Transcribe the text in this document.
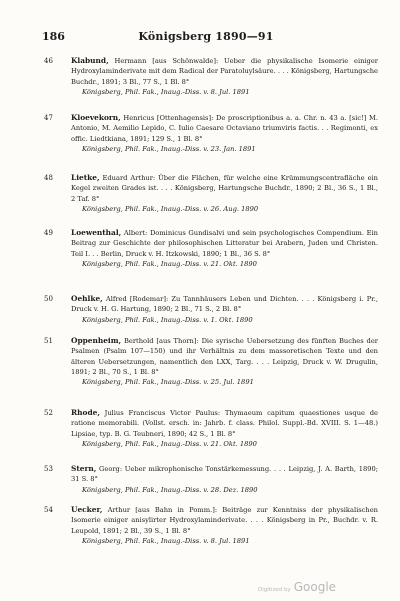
186	Königsberg 1890—91
46 Klabund, Hermann [aus Schönwalde]: Ueber die physikalische Isomerie einiger Hydroxylaminderivate mit dem Radical der Paratoluylsäure. . . . Königsberg, Hartungsche Buchdr., 1891; 3 Bl., 77 S., 1 Bl. 8°
Königsberg, Phil. Fak., Inaug.-Diss. v. 8. Jul. 1891
47 Kloevekorn, Henricus [Ottenhagensis]: De proscriptionibus a. a. Chr. n. 43 a. [sic!] M. Antonio, M. Aemilio Lepido, C. Iulio Caesare Octaviano triumviris factis. . . Regimonti, ex offic. Liedtkiana, 1891; 129 S., 1 Bl. 8°
Königsberg, Phil. Fak., Inaug.-Diss. v. 23. Jan. 1891
48 Lietke, Eduard Arthur: Über die Flächen, für welche eine Krümmungscentrafläche ein Kegel zweiten Grades ist. . . . Königsberg, Hartungsche Buchdr., 1890; 2 Bl., 36 S., 1 Bl., 2 Taf. 8°
Königsberg, Phil. Fak., Inaug.-Diss. v. 26. Aug. 1890
49 Loewenthal, Albert: Dominicus Gundisalvi und sein psychologisches Compendium. Ein Beitrag zur Geschichte der philosophischen Litteratur bei Arabern, Juden und Christen. Teil I. . . Berlin, Druck v. H. Itzkowski, 1890; 1 Bl., 36 S. 8°
Königsberg, Phil. Fak., Inaug.-Diss. v. 21. Okt. 1890
50 Oehlke, Alfred [Rodemar]: Zu Tannhäusers Leben und Dichten. . . . Königsberg i. Pr., Druck v. H. G. Hartung, 1890; 2 Bl., 71 S., 2 Bl. 8°
Königsberg, Phil. Fak., Inaug.-Diss. v. 1. Okt. 1890
51 Oppenheim, Berthold [aus Thorn]: Die syrische Uebersetzung des fünften Buches der Psalmen (Psalm 107—150) und ihr Verhältnis zu dem massoretischen Texte und den älteren Uebersetzungen, namentlich den LXX, Targ. . . . Leipzig, Druck v. W. Drugulin, 1891; 2 Bl., 70 S., 1 Bl. 8°
Königsberg, Phil. Fak., Inaug.-Diss. v. 25. Jul. 1891
52 Rhode, Julius Franciscus Victor Paulus: Thymaeum capitum quaestiones usque de ratione memorabili. (Vollst. ersch. in: Jahrb. f. class. Philol. Suppl.-Bd. XVIII. S. 1—48.) Lipsiae, typ. B. G. Teubneri, 1890; 42 S., 1 Bl. 8°
Königsberg, Phil. Fak., Inaug.-Diss. v. 21. Okt. 1890
53 Stern, Georg: Ueber mikrophonische Tonstärkemessung. . . . Leipzig, J. A. Barth, 1890; 31 S. 8°
Königsberg, Phil. Fak., Inaug.-Diss. v. 28. Dez. 1890
54 Uecker, Arthur [aus Bahn in Pomm.]: Beiträge zur Kenntniss der physikalischen Isomerie einiger anisylirter Hydroxylaminderivate. . . . Königsberg in Pr., Buchdr. v. R. Leupold, 1891; 2 Bl., 39 S., 1 Bl. 8°
Königsberg, Phil. Fak., Inaug.-Diss. v. 8. Jul. 1891
Digitized by Google
